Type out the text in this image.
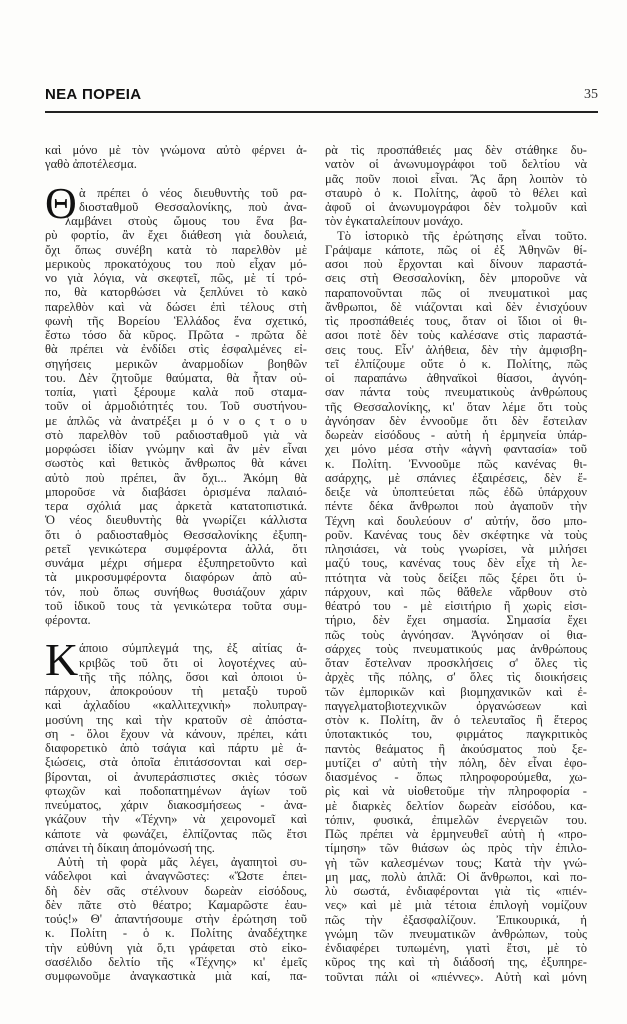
ΝΕΑ ΠΟΡΕΙΑ	35
καὶ μόνο μὲ τὸν γνώμονα αὐτὸ φέρνει ἀ-
γαθὸ ἀποτέλεσμα.
Θ ὰ πρέπει ὁ νέος διευθυντὴς τοῦ ρα-
διοσταθμοῦ Θεσσαλονίκης, ποὺ ἀνα-
λαμβάνει στοὺς ὤμους του ἕνα βα-
ρὺ φορτίο, ἂν ἔχει διάθεση γιὰ δουλειά,
ὄχι ὅπως συνέβη κατὰ τὸ παρελθὸν μὲ
μερικοὺς προκατόχους του ποὺ εἶχαν μό-
νο γιὰ λόγια, νὰ σκεφτεῖ, πῶς, μὲ τί τρό-
πο, θὰ κατορθώσει νὰ ξεπλύνει τὸ κακὸ
παρελθὸν καὶ νὰ δώσει ἐπὶ τέλους στὴ
φωνὴ τῆς Βορείου Ἑλλάδος ἕνα σχετικό,
ἔστω τόσο δὰ κῦρος. Πρῶτα - πρῶτα δὲ
θὰ πρέπει νὰ ἐνδίδει στὶς ἐσφαλμένες εἰ-
σηγήσεις μερικῶν ἀναρμοδίων βοηθῶν
του. Δὲν ζητοῦμε θαύματα, θὰ ἦταν οὐ-
τοπία, γιατὶ ξέρουμε καλὰ ποῦ σταμα-
τοῦν οἱ ἁρμοδιότητές του. Τοῦ συστήνου-
με ἁπλῶς νὰ ἀνατρέξει μ ό ν ο ς τ ο υ
στὸ παρελθὸν τοῦ ραδιοσταθμοῦ γιὰ νὰ
μορφώσει ἰδίαν γνώμην καὶ ἂν μὲν εἶναι
σωστὸς καὶ θετικὸς ἄνθρωπος θὰ κάνει
αὐτὸ ποὺ πρέπει, ἂν ὄχι... Ἀκόμη θὰ
μποροῦσε νὰ διαβάσει ὁρισμένα παλαιό-
τερα σχόλιά μας ἀρκετὰ κατατοπιστικά.
Ὁ νέος διευθυντὴς θὰ γνωρίζει κάλλιστα
ὅτι ὁ ραδιοσταθμὸς Θεσσαλονίκης ἐξυπη-
ρετεῖ γενικώτερα συμφέροντα ἀλλά, ὅτι
συνάμα μέχρι σήμερα ἐξυπηρετοῦντο καὶ
τὰ μικροσυμφέροντα διαφόρων ἀπὸ αὐ-
τόν, ποὺ ὅπως συνήθως θυσιάζουν χάριν
τοῦ ἰδικοῦ τους τὰ γενικώτερα τοῦτα συμ-
φέροντα.
Κ άποιο σύμπλεγμά της, ἐξ αἰτίας ἀ-
κριβῶς τοῦ ὅτι οἱ λογοτέχνες αὐ-
τῆς τῆς πόλης, ὅσοι καὶ ὁποιοι ὑ-
πάρχουν, ἀποκρούουν τὴ μεταξὺ τυροῦ
καὶ ἀχλαδίου «καλλιτεχνικὴ» πολυπραγ-
μοσύνη της καὶ τὴν κρατοῦν σὲ ἀπόστα-
ση - ὅλοι ἔχουν νὰ κάνουν, πρέπει, κάτι
διαφορετικὸ ἀπὸ τσάγια καὶ πάρτυ μὲ ἀ-
ξιώσεις, στὰ ὁποῖα ἐπιτάσσονται καὶ σερ-
βίρονται, οἱ ἀνυπεράσπιστες σκιὲς τόσων
φτωχῶν καὶ ποδοπατημένων ἁγίων τοῦ
πνεύματος, χάριν διακοσμήσεως - ἀνα-
γκάζουν τὴν «Τέχνη» νὰ χειρονομεῖ καὶ
κάποτε νὰ φωνάζει, ἐλπίζοντας πῶς ἔτσι
σπάνει τὴ δίκαιη ἀπομόνωσή της.
Αὐτὴ τὴ φορὰ μᾶς λέγει, ἀγαπητοὶ συ-
νάδελφοι καὶ ἀναγνῶστες: «Ὥστε ἐπει-
δὴ δὲν σᾶς στέλνουν δωρεὰν εἰσόδους,
δὲν πᾶτε στὸ θέατρο; Καμαρῶστε ἑαυ-
τούς!» Θ' ἀπαντήσουμε στὴν ἐρώτηση τοῦ
κ. Πολίτη - ὁ κ. Πολίτης ἀναδέχτηκε
τὴν εὐθύνη γιὰ ὅ,τι γράφεται στὸ εἰκο-
σασέλιδο δελτίο τῆς «Τέχνης» κι' ἐμεῖς
συμφωνοῦμε ἀναγκαστικὰ μιὰ καί, πα-
ρὰ τὶς προσπάθειές μας δὲν στάθηκε δυ-
νατὸν οἱ ἀνωνυμογράφοι τοῦ δελτίου νὰ
μᾶς ποῦν ποιοὶ εἶναι. Ἂς ἄρη λοιπὸν τὸ
σταυρὸ ὁ κ. Πολίτης, ἀφοῦ τὸ θέλει καὶ
ἀφοῦ οἱ ἀνωνυμογράφοι δὲν τολμοῦν καὶ
τὸν ἐγκαταλείπουν μονάχο.
Τὸ ἱστορικὸ τῆς ἐρώτησης εἶναι τοῦτο.
Γράψαμε κάποτε, πῶς οἱ ἐξ Ἀθηνῶν θί-
ασοι ποὺ ἔρχονται καὶ δίνουν παραστά-
σεις στὴ Θεσσαλονίκη, δὲν μποροῦνε νὰ
παραπονοῦνται πῶς οἱ πνευματικοὶ μας
ἄνθρωποι, δὲ νιάζονται καὶ δὲν ἐνισχύουν
τὶς προσπάθειές τους, ὅταν οἱ ἴδιοι οἱ θι-
ασοι ποτὲ δὲν τοὺς καλέσανε στὶς παραστά-
σεις τους. Εἶν' ἀλήθεια, δὲν τὴν ἀμφισβη-
τεῖ ἐλπίζουμε οὔτε ὁ κ. Πολίτης, πῶς
οἱ παραπάνω ἀθηναϊκοὶ θίασοι, ἀγνόη-
σαν πάντα τοὺς πνευματικοὺς ἀνθρώπους
τῆς Θεσσαλονίκης, κι' ὅταν λέμε ὅτι τοὺς
ἀγνόησαν δὲν ἐννοοῦμε ὅτι δὲν ἔστειλαν
δωρεὰν εἰσόδους - αὐτὴ ἡ ἑρμηνεία ὑπάρ-
χει μόνο μέσα στὴν «ἁγνὴ φαντασία» τοῦ
κ. Πολίτη. Ἐννοοῦμε πῶς κανένας θι-
ασάρχης, μὲ σπάνιες ἐξαιρέσεις, δὲν ἔ-
δειξε νὰ ὑποπτεύεται πῶς ἐδῶ ὑπάρχουν
πέντε δέκα ἄνθρωποι ποὺ ἀγαποῦν τὴν
Τέχνη καὶ δουλεύουν σ' αὐτήν, ὅσο μπο-
ροῦν. Κανένας τους δὲν σκέφτηκε νὰ τοὺς
πλησιάσει, νὰ τοὺς γνωρίσει, νὰ μιλήσει
μαζύ τους, κανένας τους δὲν εἶχε τὴ λε-
πτότητα νὰ τοὺς δείξει πῶς ξέρει ὅτι ὑ-
πάρχουν, καὶ πῶς θἄθελε νἄρθουν στὸ
θέατρό του - μὲ εἰσιτήριο ἢ χωρὶς εἰσι-
τήριο, δὲν ἔχει σημασία. Σημασία ἔχει
πῶς τοὺς ἀγνόησαν. Ἀγνόησαν οἱ θια-
σάρχες τοὺς πνευματικούς μας ἀνθρώπους
ὅταν ἔστελναν προσκλήσεις σ' ὅλες τὶς
ἀρχὲς τῆς πόλης, σ' ὅλες τὶς διοικήσεις
τῶν ἐμπορικῶν καὶ βιομηχανικῶν καὶ ἐ-
παγγελματοβιοτεχνικῶν ὀργανώσεων καὶ
στὸν κ. Πολίτη, ἂν ὁ τελευταῖος ἢ ἕτερος
ὑποτακτικός του, φιρμάτος παγκριτικὸς
παντὸς θεάματος ἢ ἀκούσματος ποὺ ξε-
μυτίζει σ' αὐτὴ τὴν πόλη, δὲν εἶναι ἐφο-
διασμένος - ὅπως πληροφορούμεθα, χω-
ρὶς καὶ νὰ υἱοθετοῦμε τὴν πληροφορία -
μὲ διαρκὲς δελτίον δωρεὰν εἰσόδου, κα-
τόπιν, φυσικά, ἐπιμελῶν ἐνεργειῶν του.
Πῶς πρέπει νὰ ἑρμηνευθεῖ αὐτὴ ἡ «προ-
τίμηση» τῶν θιάσων ὡς πρὸς τὴν ἐπιλο-
γὴ τῶν καλεσμένων τους; Κατὰ τὴν γνώ-
μη μας, πολὺ ἁπλᾶ: Οἱ ἄνθρωποι, καὶ πο-
λὺ σωστά, ἐνδιαφέρονται γιὰ τὶς «πιέν-
νες» καὶ μὲ μιὰ τέτοια ἐπιλογὴ νομίζουν
πῶς τὴν ἐξασφαλίζουν. Ἐπικουρικά, ἡ
γνώμη τῶν πνευματικῶν ἀνθρώπων, τοὺς
ἐνδιαφέρει τυπωμένη, γιατὶ ἔτσι, μὲ τὸ
κῦρος της καὶ τὴ διάδοσή της, ἐξυπηρε-
τοῦνται πάλι οἱ «πιέννες». Αὐτὴ καὶ μόνη
